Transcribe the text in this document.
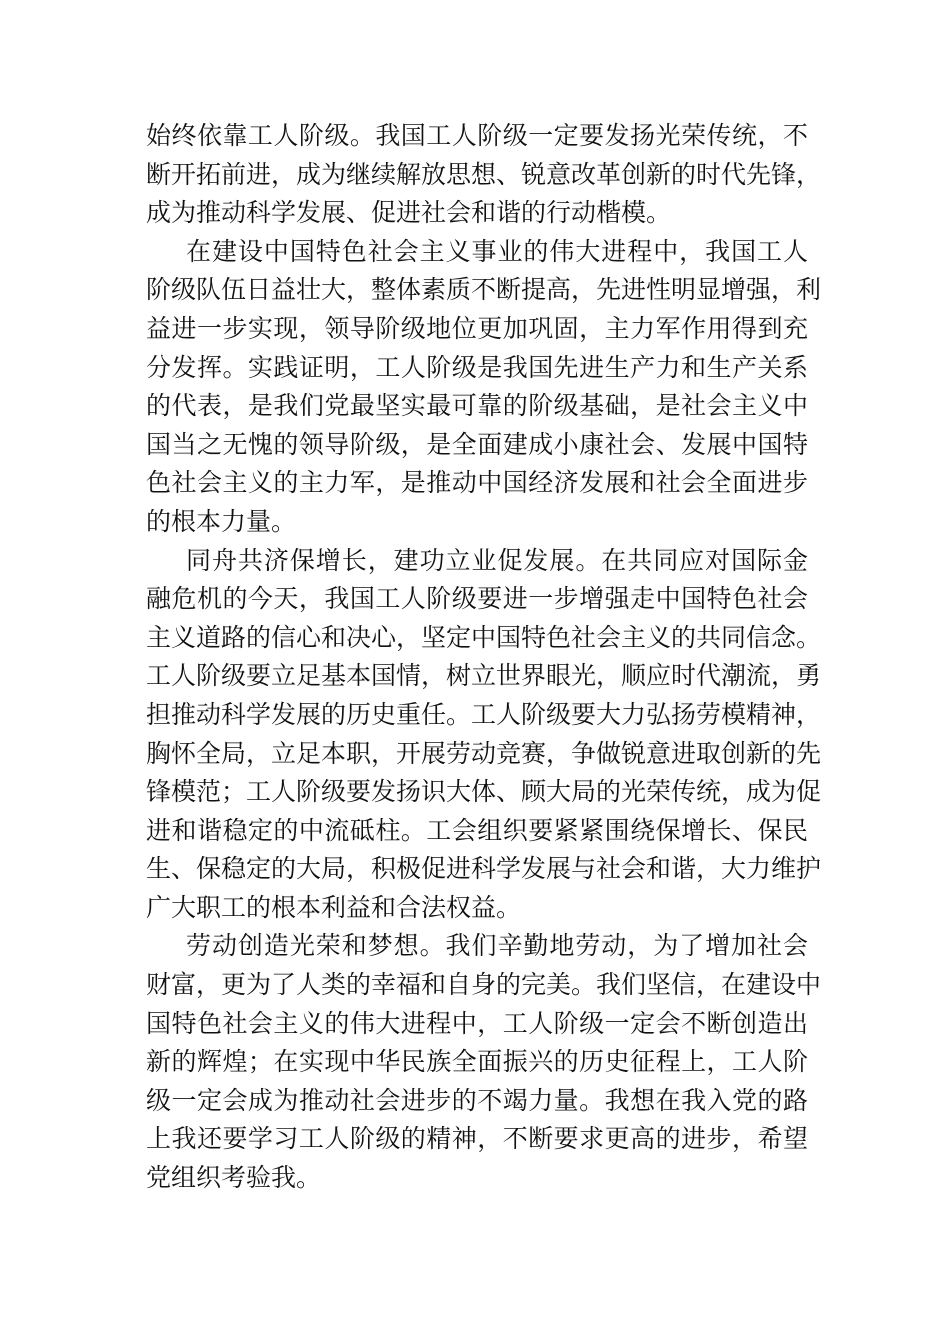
始终依靠工人阶级。我国工人阶级一定要发扬光荣传统，不
断开拓前进，成为继续解放思想、锐意改革创新的时代先锋，
成为推动科学发展、促进社会和谐的行动楷模。
在建设中国特色社会主义事业的伟大进程中，我国工人
阶级队伍日益壮大，整体素质不断提高，先进性明显增强，利
益进一步实现，领导阶级地位更加巩固，主力军作用得到充
分发挥。实践证明，工人阶级是我国先进生产力和生产关系
的代表，是我们党最坚实最可靠的阶级基础，是社会主义中
国当之无愧的领导阶级，是全面建成小康社会、发展中国特
色社会主义的主力军，是推动中国经济发展和社会全面进步
的根本力量。
同舟共济保增长，建功立业促发展。在共同应对国际金
融危机的今天，我国工人阶级要进一步增强走中国特色社会
主义道路的信心和决心，坚定中国特色社会主义的共同信念。
工人阶级要立足基本国情，树立世界眼光，顺应时代潮流，勇
担推动科学发展的历史重任。工人阶级要大力弘扬劳模精神，
胸怀全局，立足本职，开展劳动竞赛，争做锐意进取创新的先
锋模范；工人阶级要发扬识大体、顾大局的光荣传统，成为促
进和谐稳定的中流砥柱。工会组织要紧紧围绕保增长、保民
生、保稳定的大局，积极促进科学发展与社会和谐，大力维护
广大职工的根本利益和合法权益。
劳动创造光荣和梦想。我们辛勤地劳动，为了增加社会
财富，更为了人类的幸福和自身的完美。我们坚信，在建设中
国特色社会主义的伟大进程中，工人阶级一定会不断创造出
新的辉煌；在实现中华民族全面振兴的历史征程上，工人阶
级一定会成为推动社会进步的不竭力量。我想在我入党的路
上我还要学习工人阶级的精神，不断要求更高的进步，希望
党组织考验我。
